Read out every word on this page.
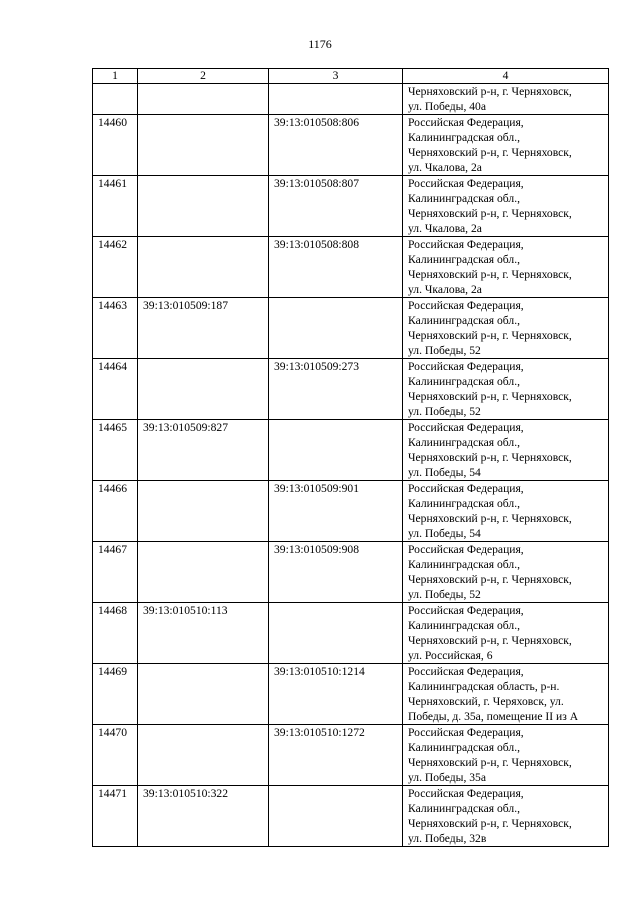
1176
1	2	3	4
			Черняховский р-н, г. Черняховск,
ул. Победы, 40а
14460		39:13:010508:806	Российская Федерация,
Калининградская обл.,
Черняховский р-н, г. Черняховск,
ул. Чкалова, 2а
14461		39:13:010508:807	Российская Федерация,
Калининградская обл.,
Черняховский р-н, г. Черняховск,
ул. Чкалова, 2а
14462		39:13:010508:808	Российская Федерация,
Калининградская обл.,
Черняховский р-н, г. Черняховск,
ул. Чкалова, 2а
14463	39:13:010509:187		Российская Федерация,
Калининградская обл.,
Черняховский р-н, г. Черняховск,
ул. Победы, 52
14464		39:13:010509:273	Российская Федерация,
Калининградская обл.,
Черняховский р-н, г. Черняховск,
ул. Победы, 52
14465	39:13:010509:827		Российская Федерация,
Калининградская обл.,
Черняховский р-н, г. Черняховск,
ул. Победы, 54
14466		39:13:010509:901	Российская Федерация,
Калининградская обл.,
Черняховский р-н, г. Черняховск,
ул. Победы, 54
14467		39:13:010509:908	Российская Федерация,
Калининградская обл.,
Черняховский р-н, г. Черняховск,
ул. Победы, 52
14468	39:13:010510:113		Российская Федерация,
Калининградская обл.,
Черняховский р-н, г. Черняховск,
ул. Российская, 6
14469		39:13:010510:1214	Российская Федерация,
Калининградская область, р-н.
Черняховский, г. Черяховск, ул.
Победы, д. 35а, помещение II из А
14470		39:13:010510:1272	Российская Федерация,
Калининградская обл.,
Черняховский р-н, г. Черняховск,
ул. Победы, 35а
14471	39:13:010510:322		Российская Федерация,
Калининградская обл.,
Черняховский р-н, г. Черняховск,
ул. Победы, 32в
